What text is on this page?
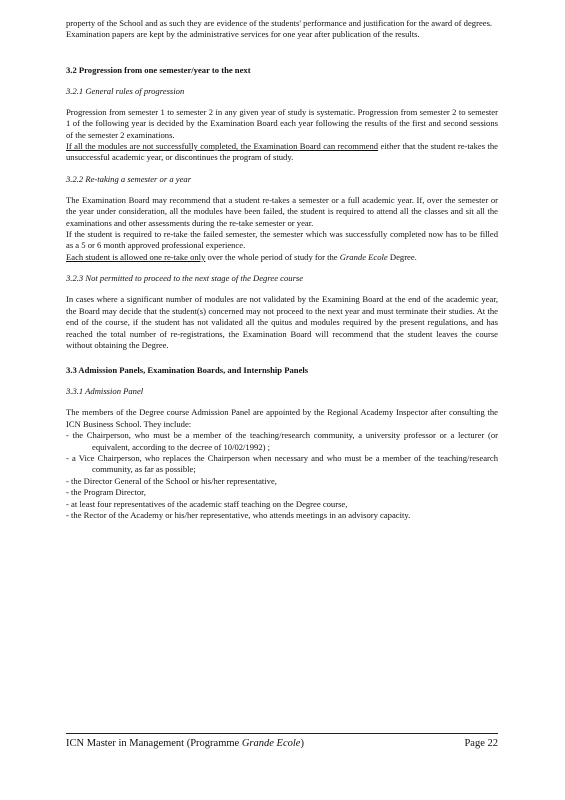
property of the School and as such they are evidence of the students' performance and justification for the award of degrees.

Examination papers are kept by the administrative services for one year after publication of the results.

3.2 Progression from one semester/year to the next
3.2.1 General rules of progression

Progression from semester 1 to semester 2 in any given year of study is systematic. Progression from semester 2 to semester 1 of the following year is decided by the Examination Board each year following the results of the first and second sessions of the semester 2 examinations.

If all the modules are not successfully completed, the Examination Board can recommend either that the student re-takes the unsuccessful academic year, or discontinues the program of study.

3.2.2 Re-taking a semester or a year

The Examination Board may recommend that a student re-takes a semester or a full academic year. If, over the semester or the year under consideration, all the modules have been failed, the student is required to attend all the classes and sit all the examinations and other assessments during the re-take semester or year.

If the student is required to re-take the failed semester, the semester which was successfully completed now has to be filled as a 5 or 6 month approved professional experience.

Each student is allowed one re-take only over the whole period of study for the Grande Ecole Degree.

3.2.3 Not permitted to proceed to the next stage of the Degree course

In cases where a significant number of modules are not validated by the Examining Board at the end of the academic year, the Board may decide that the student(s) concerned may not proceed to the next year and must terminate their studies. At the end of the course, if the student has not validated all the quitus and modules required by the present regulations, and has reached the total number of re-registrations, the Examination Board will recommend that the student leaves the course without obtaining the Degree.

3.3 Admission Panels, Examination Boards, and Internship Panels
3.3.1 Admission Panel

The members of the Degree course Admission Panel are appointed by the Regional Academy Inspector after consulting the ICN Business School. They include:

- the Chairperson, who must be a member of the teaching/research community, a university professor or a lecturer (or equivalent, according to the decree of 10/02/1992) ;
- a Vice Chairperson, who replaces the Chairperson when necessary and who must be a member of the teaching/research community, as far as possible;
- the Director General of the School or his/her representative,
- the Program Director,
- at least four representatives of the academic staff teaching on the Degree course,
- the Rector of the Academy or his/her representative, who attends meetings in an advisory capacity.
ICN Master in Management (Programme Grande Ecole)	Page 22
